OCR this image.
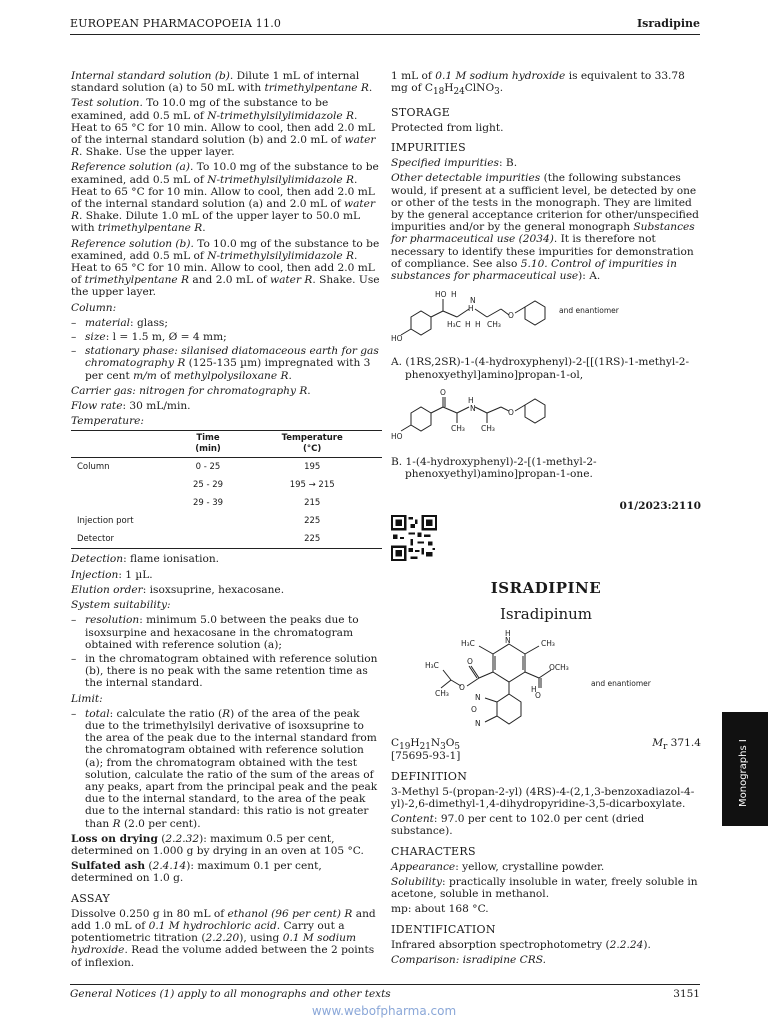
EUROPEAN PHARMACOPOEIA 11.0	Isradipine

Internal standard solution (b). Dilute 1 mL of internal standard solution (a) to 50 mL with trimethylpentane R.

Test solution. To 10.0 mg of the substance to be examined, add 0.5 mL of N-trimethylsilylimidazole R. Heat to 65 °C for 10 min. Allow to cool, then add 2.0 mL of the internal standard solution (b) and 2.0 mL of water R. Shake. Use the upper layer.

Reference solution (a). To 10.0 mg of the substance to be examined, add 0.5 mL of N-trimethylsilylimidazole R. Heat to 65 °C for 10 min. Allow to cool, then add 2.0 mL of the internal standard solution (a) and 2.0 mL of water R. Shake. Dilute 1.0 mL of the upper layer to 50.0 mL with trimethylpentane R.

Reference solution (b). To 10.0 mg of the substance to be examined, add 0.5 mL of N-trimethylsilylimidazole R. Heat to 65 °C for 10 min. Allow to cool, then add 2.0 mL of trimethylpentane R and 2.0 mL of water R. Shake. Use the upper layer.

Column:

– material: glass;
– size: l = 1.5 m, Ø = 4 mm;
– stationary phase: silanised diatomaceous earth for gas chromatography R (125-135 µm) impregnated with 3 per cent m/m of methylpolysiloxane R.

Carrier gas: nitrogen for chromatography R.

Flow rate: 30 mL/min.

Temperature:

	Time
(min)	Temperature
(°C)
Column	0 - 25	195
	25 - 29	195 → 215
	29 - 39	215
Injection port		225
Detector		225

Detection: flame ionisation.

Injection: 1 µL.

Elution order: isoxsuprine, hexacosane.

System suitability:

– resolution: minimum 5.0 between the peaks due to isoxsurpine and hexacosane in the chromatogram obtained with reference solution (a);
– in the chromatogram obtained with reference solution (b), there is no peak with the same retention time as the internal standard.

Limit:

– total: calculate the ratio (R) of the area of the peak due to the trimethylsilyl derivative of isoxsuprine to the area of the peak due to the internal standard from the chromatogram obtained with reference solution (a); from the chromatogram obtained with the test solution, calculate the ratio of the sum of the areas of any peaks, apart from the principal peak and the peak due to the internal standard, to the area of the peak due to the internal standard: this ratio is not greater than R (2.0 per cent).

Loss on drying (2.2.32): maximum 0.5 per cent, determined on 1.000 g by drying in an oven at 105 °C.

Sulfated ash (2.4.14): maximum 0.1 per cent, determined on 1.0 g.

ASSAY

Dissolve 0.250 g in 80 mL of ethanol (96 per cent) R and add 1.0 mL of 0.1 M hydrochloric acid. Carry out a potentiometric titration (2.2.20), using 0.1 M sodium hydroxide. Read the volume added between the 2 points of inflexion.

1 mL of 0.1 M sodium hydroxide is equivalent to 33.78 mg of $C_{18}H_{24}ClNO_3$.

STORAGE

Protected from light.

IMPURITIES

Specified impurities: B.

Other detectable impurities (the following substances would, if present at a sufficient level, be detected by one or other of the tests in the monograph. They are limited by the general acceptance criterion for other/unspecified impurities and/or by the general monograph Substances for pharmaceutical use (2034). It is therefore not necessary to identify these impurities for demonstration of compliance. See also 5.10. Control of impurities in substances for pharmaceutical use): A.

HO H
H
N
H₃C H H CH₃
O
HO
and enantiomer

A. (1RS,2SR)-1-(4-hydroxyphenyl)-2-[[(1RS)-1-methyl-2-phenoxyethyl]amino]propan-1-ol,

O
H
N
CH₃ CH₃
O
HO

B. 1-(4-hydroxyphenyl)-2-[(1-methyl-2-phenoxyethyl)amino]propan-1-one.

01/2023:2110
ISRADIPINE
Isradipinum
H
N
H₃C	CH₃
H₃C
CH₃
O
O
O
OCH₃
H
N
O
N
and enantiomer
$C_{19}H_{21}N_3O_5$	$M_r$ 371.4

[75695-93-1]

DEFINITION

3-Methyl 5-(propan-2-yl) (4RS)-4-(2,1,3-benzoxadiazol-4-yl)-2,6-dimethyl-1,4-dihydropyridine-3,5-dicarboxylate.

Content: 97.0 per cent to 102.0 per cent (dried substance).

CHARACTERS

Appearance: yellow, crystalline powder.

Solubility: practically insoluble in water, freely soluble in acetone, soluble in methanol.

mp: about 168 °C.

IDENTIFICATION

Infrared absorption spectrophotometry (2.2.24).

Comparison: isradipine CRS.

Monographs I
General Notices (1) apply to all monographs and other texts	3151
www.webofpharma.com
